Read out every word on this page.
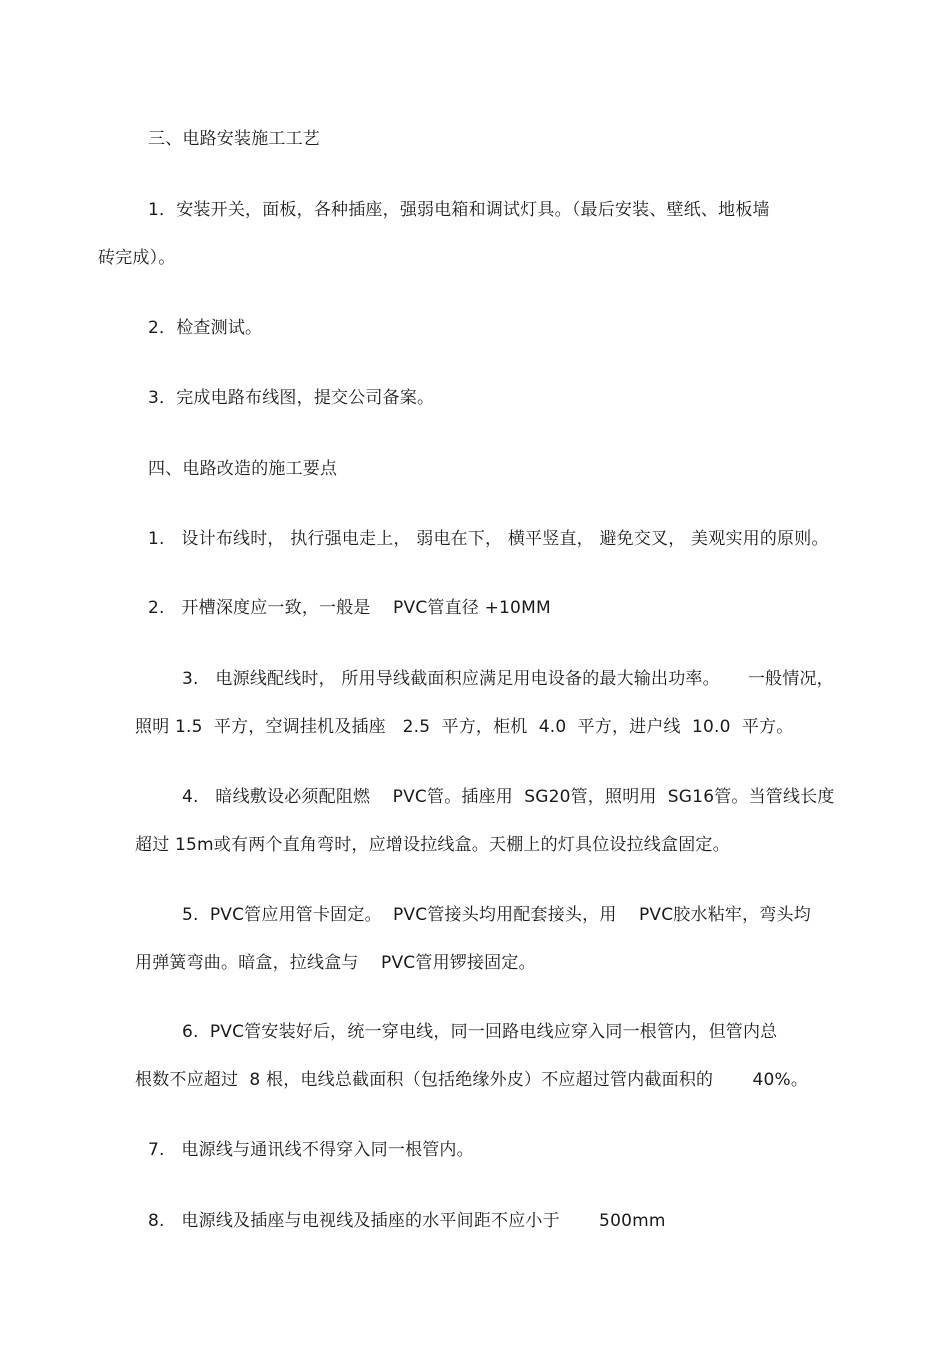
三、电路安装施工工艺
1．安装开关，面板，各种插座，强弱电箱和调试灯具。（最后安装、壁纸、地板墙
砖完成）。
2．检查测试。
3．完成电路布线图，提交公司备案。
四、电路改造的施工要点
1.   设计布线时， 执行强电走上， 弱电在下， 横平竖直， 避免交叉， 美观实用的原则。
2.   开槽深度应一致，一般是    PVC管直径 +10MM
3.   电源线配线时， 所用导线截面积应满足用电设备的最大输出功率。     一般情况，
照明 1.5  平方，空调挂机及插座   2.5  平方，柜机  4.0  平方，进户线  10.0  平方。
4.   暗线敷设必须配阻燃    PVC管。插座用  SG20管，照明用  SG16管。当管线长度
超过 15m或有两个直角弯时，应增设拉线盒。天棚上的灯具位设拉线盒固定。
5.  PVC管应用管卡固定。  PVC管接头均用配套接头，用    PVC胶水粘牢，弯头均
用弹簧弯曲。暗盒，拉线盒与    PVC管用锣接固定。
6.  PVC管安装好后，统一穿电线，同一回路电线应穿入同一根管内，但管内总
根数不应超过  8 根，电线总截面积（包括绝缘外皮）不应超过管内截面积的       40%。
7.   电源线与通讯线不得穿入同一根管内。
8.   电源线及插座与电视线及插座的水平间距不应小于       500mm
